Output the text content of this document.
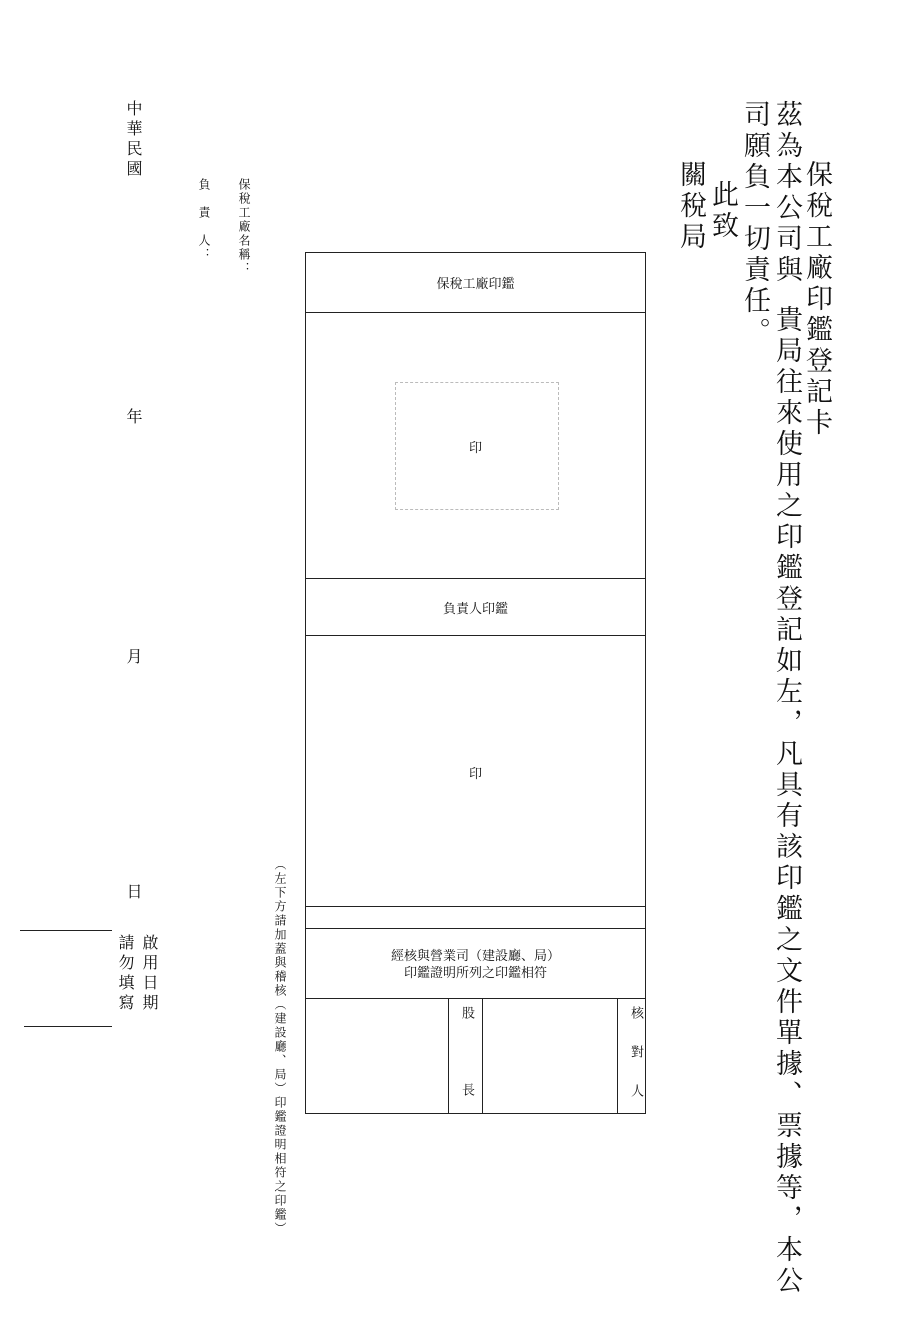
保稅工廠印鑑登記卡
茲為本公司與
貴局往來使用之印鑑登記如左，凡具有該印鑑之文件單據、票據等，本公
司願負一切責任。
此致
關稅局
保稅工廠名稱：
負　責　人：
中華民國
年
月
日
啟用日期
請勿填寫	（左下方請加蓋與稽核（建設廳、局）印鑑證明相符之印鑑）
保稅工廠印鑑
印
負責人印鑑
印
經核與營業司（建設廳、局）
印鑑證明所列之印鑑相符
股長	核對人
